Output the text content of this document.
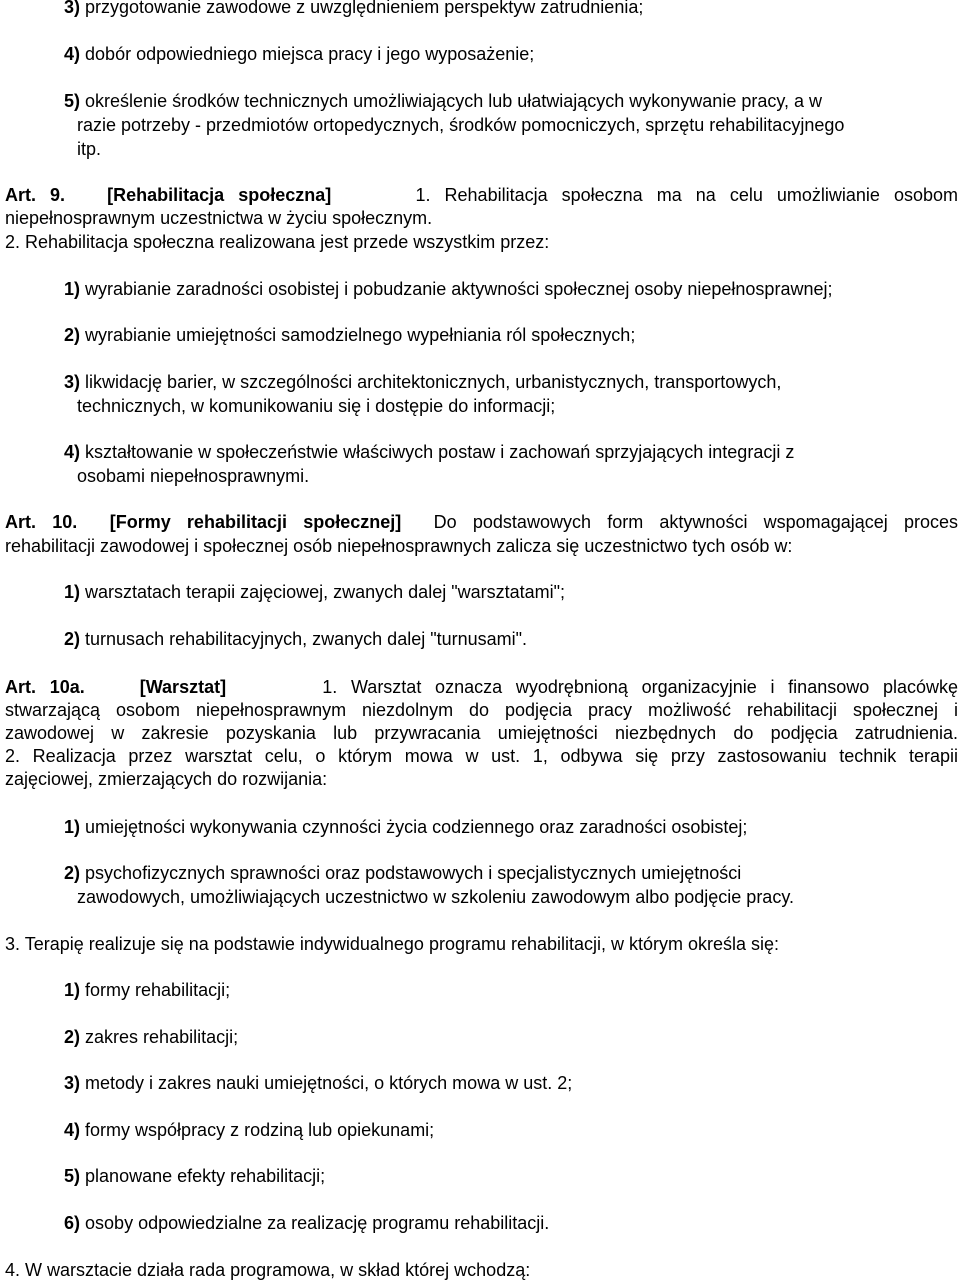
3) przygotowanie zawodowe z uwzględnieniem perspektyw zatrudnienia;
4) dobór odpowiedniego miejsca pracy i jego wyposażenie;
5) określenie środków technicznych umożliwiających lub ułatwiających wykonywanie pracy, a w
razie potrzeby - przedmiotów ortopedycznych, środków pomocniczych, sprzętu rehabilitacyjnego
itp.
Art. 9. [Rehabilitacja społeczna]	1. Rehabilitacja społeczna ma na celu umożliwianie osobom
niepełnosprawnym uczestnictwa w życiu społecznym.
2. Rehabilitacja społeczna realizowana jest przede wszystkim przez:
1) wyrabianie zaradności osobistej i pobudzanie aktywności społecznej osoby niepełnosprawnej;
2) wyrabianie umiejętności samodzielnego wypełniania ról społecznych;
3) likwidację barier, w szczególności architektonicznych, urbanistycznych, transportowych,
technicznych, w komunikowaniu się i dostępie do informacji;
4) kształtowanie w społeczeństwie właściwych postaw i zachowań sprzyjających integracji z
osobami niepełnosprawnymi.
Art. 10. [Formy rehabilitacji społecznej] Do podstawowych form aktywności wspomagającej proces
rehabilitacji zawodowej i społecznej osób niepełnosprawnych zalicza się uczestnictwo tych osób w:
1) warsztatach terapii zajęciowej, zwanych dalej "warsztatami";
2) turnusach rehabilitacyjnych, zwanych dalej "turnusami".
Art. 10a.	[Warsztat]	1. Warsztat oznacza wyodrębnioną organizacyjnie i finansowo placówkę
stwarzającą osobom niepełnosprawnym niezdolnym do podjęcia pracy możliwość rehabilitacji społecznej i
zawodowej w zakresie pozyskania lub przywracania umiejętności niezbędnych do podjęcia zatrudnienia.
2. Realizacja przez warsztat celu, o którym mowa w ust. 1, odbywa się przy zastosowaniu technik terapii
zajęciowej, zmierzających do rozwijania:
1) umiejętności wykonywania czynności życia codziennego oraz zaradności osobistej;
2) psychofizycznych sprawności oraz podstawowych i specjalistycznych umiejętności
zawodowych, umożliwiających uczestnictwo w szkoleniu zawodowym albo podjęcie pracy.
3. Terapię realizuje się na podstawie indywidualnego programu rehabilitacji, w którym określa się:
1) formy rehabilitacji;
2) zakres rehabilitacji;
3) metody i zakres nauki umiejętności, o których mowa w ust. 2;
4) formy współpracy z rodziną lub opiekunami;
5) planowane efekty rehabilitacji;
6) osoby odpowiedzialne za realizację programu rehabilitacji.
4. W warsztacie działa rada programowa, w skład której wchodzą:
